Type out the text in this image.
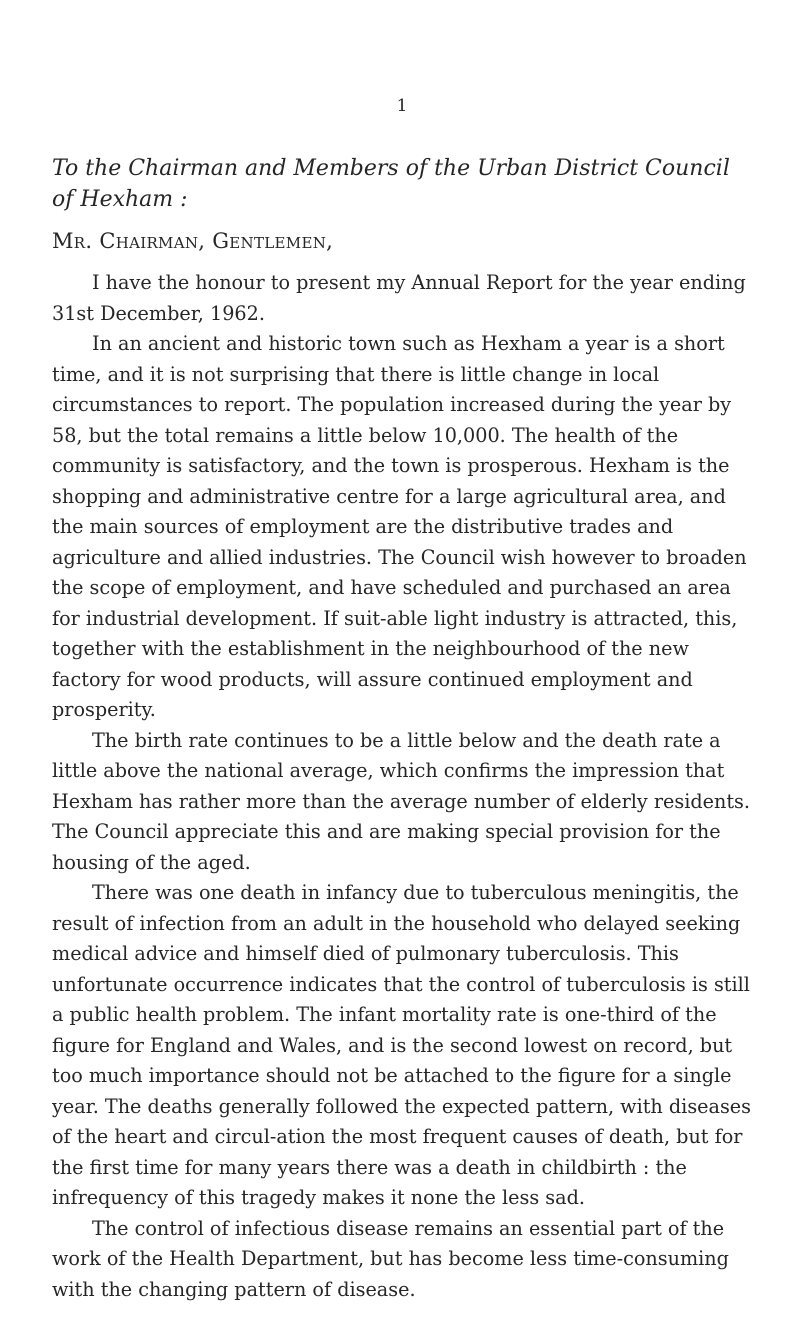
1
To the Chairman and Members of the Urban District Council
of Hexham :
Mr. Chairman, Gentlemen,

I have the honour to present my Annual Report for the year ending 31st December, 1962.

In an ancient and historic town such as Hexham a year is a short time, and it is not surprising that there is little change in local circumstances to report. The population increased during the year by 58, but the total remains a little below 10,000. The health of the community is satisfactory, and the town is prosperous. Hexham is the shopping and administrative centre for a large agricultural area, and the main sources of employment are the distributive trades and agriculture and allied industries. The Council wish however to broaden the scope of employment, and have scheduled and purchased an area for industrial development. If suit-able light industry is attracted, this, together with the establishment in the neighbourhood of the new factory for wood products, will assure continued employment and prosperity.

The birth rate continues to be a little below and the death rate a little above the national average, which confirms the impression that Hexham has rather more than the average number of elderly residents. The Council appreciate this and are making special provision for the housing of the aged.

There was one death in infancy due to tuberculous meningitis, the result of infection from an adult in the household who delayed seeking medical advice and himself died of pulmonary tuberculosis. This unfortunate occurrence indicates that the control of tuberculosis is still a public health problem. The infant mortality rate is one-third of the figure for England and Wales, and is the second lowest on record, but too much importance should not be attached to the figure for a single year. The deaths generally followed the expected pattern, with diseases of the heart and circul-ation the most frequent causes of death, but for the first time for many years there was a death in childbirth : the infrequency of this tragedy makes it none the less sad.

The control of infectious disease remains an essential part of the work of the Health Department, but has become less time-consuming with the changing pattern of disease.
